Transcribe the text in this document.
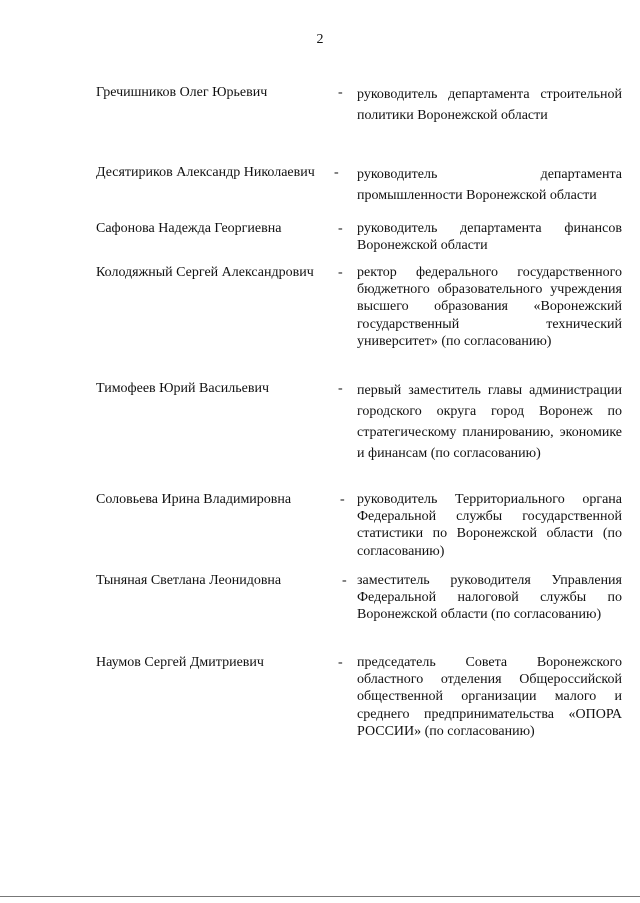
2
Гречишников Олег Юрьевич	- руководитель департамента строительной политики Воронежской области
Десятириков Александр Николаевич - руководитель департамента промышленности Воронежской области
Сафонова Надежда Георгиевна	- руководитель департамента финансов Воронежской области
Колодяжный Сергей Александрович - ректор федерального государственного бюджетного образовательного учреждения высшего образования «Воронежский государственный технический университет» (по согласованию)
Тимофеев Юрий Васильевич	- первый заместитель главы администрации городского округа город Воронеж по стратегическому планированию, экономике и финансам (по согласованию)
Соловьева Ирина Владимировна	- руководитель Территориального органа Федеральной службы государственной статистики по Воронежской области (по согласованию)
Тыняная Светлана Леонидовна	- заместитель руководителя Управления Федеральной налоговой службы по Воронежской области (по согласованию)
Наумов Сергей Дмитриевич	- председатель Совета Воронежского областного отделения Общероссийской общественной организации малого и среднего предпринимательства «ОПОРА РОССИИ» (по согласованию)
